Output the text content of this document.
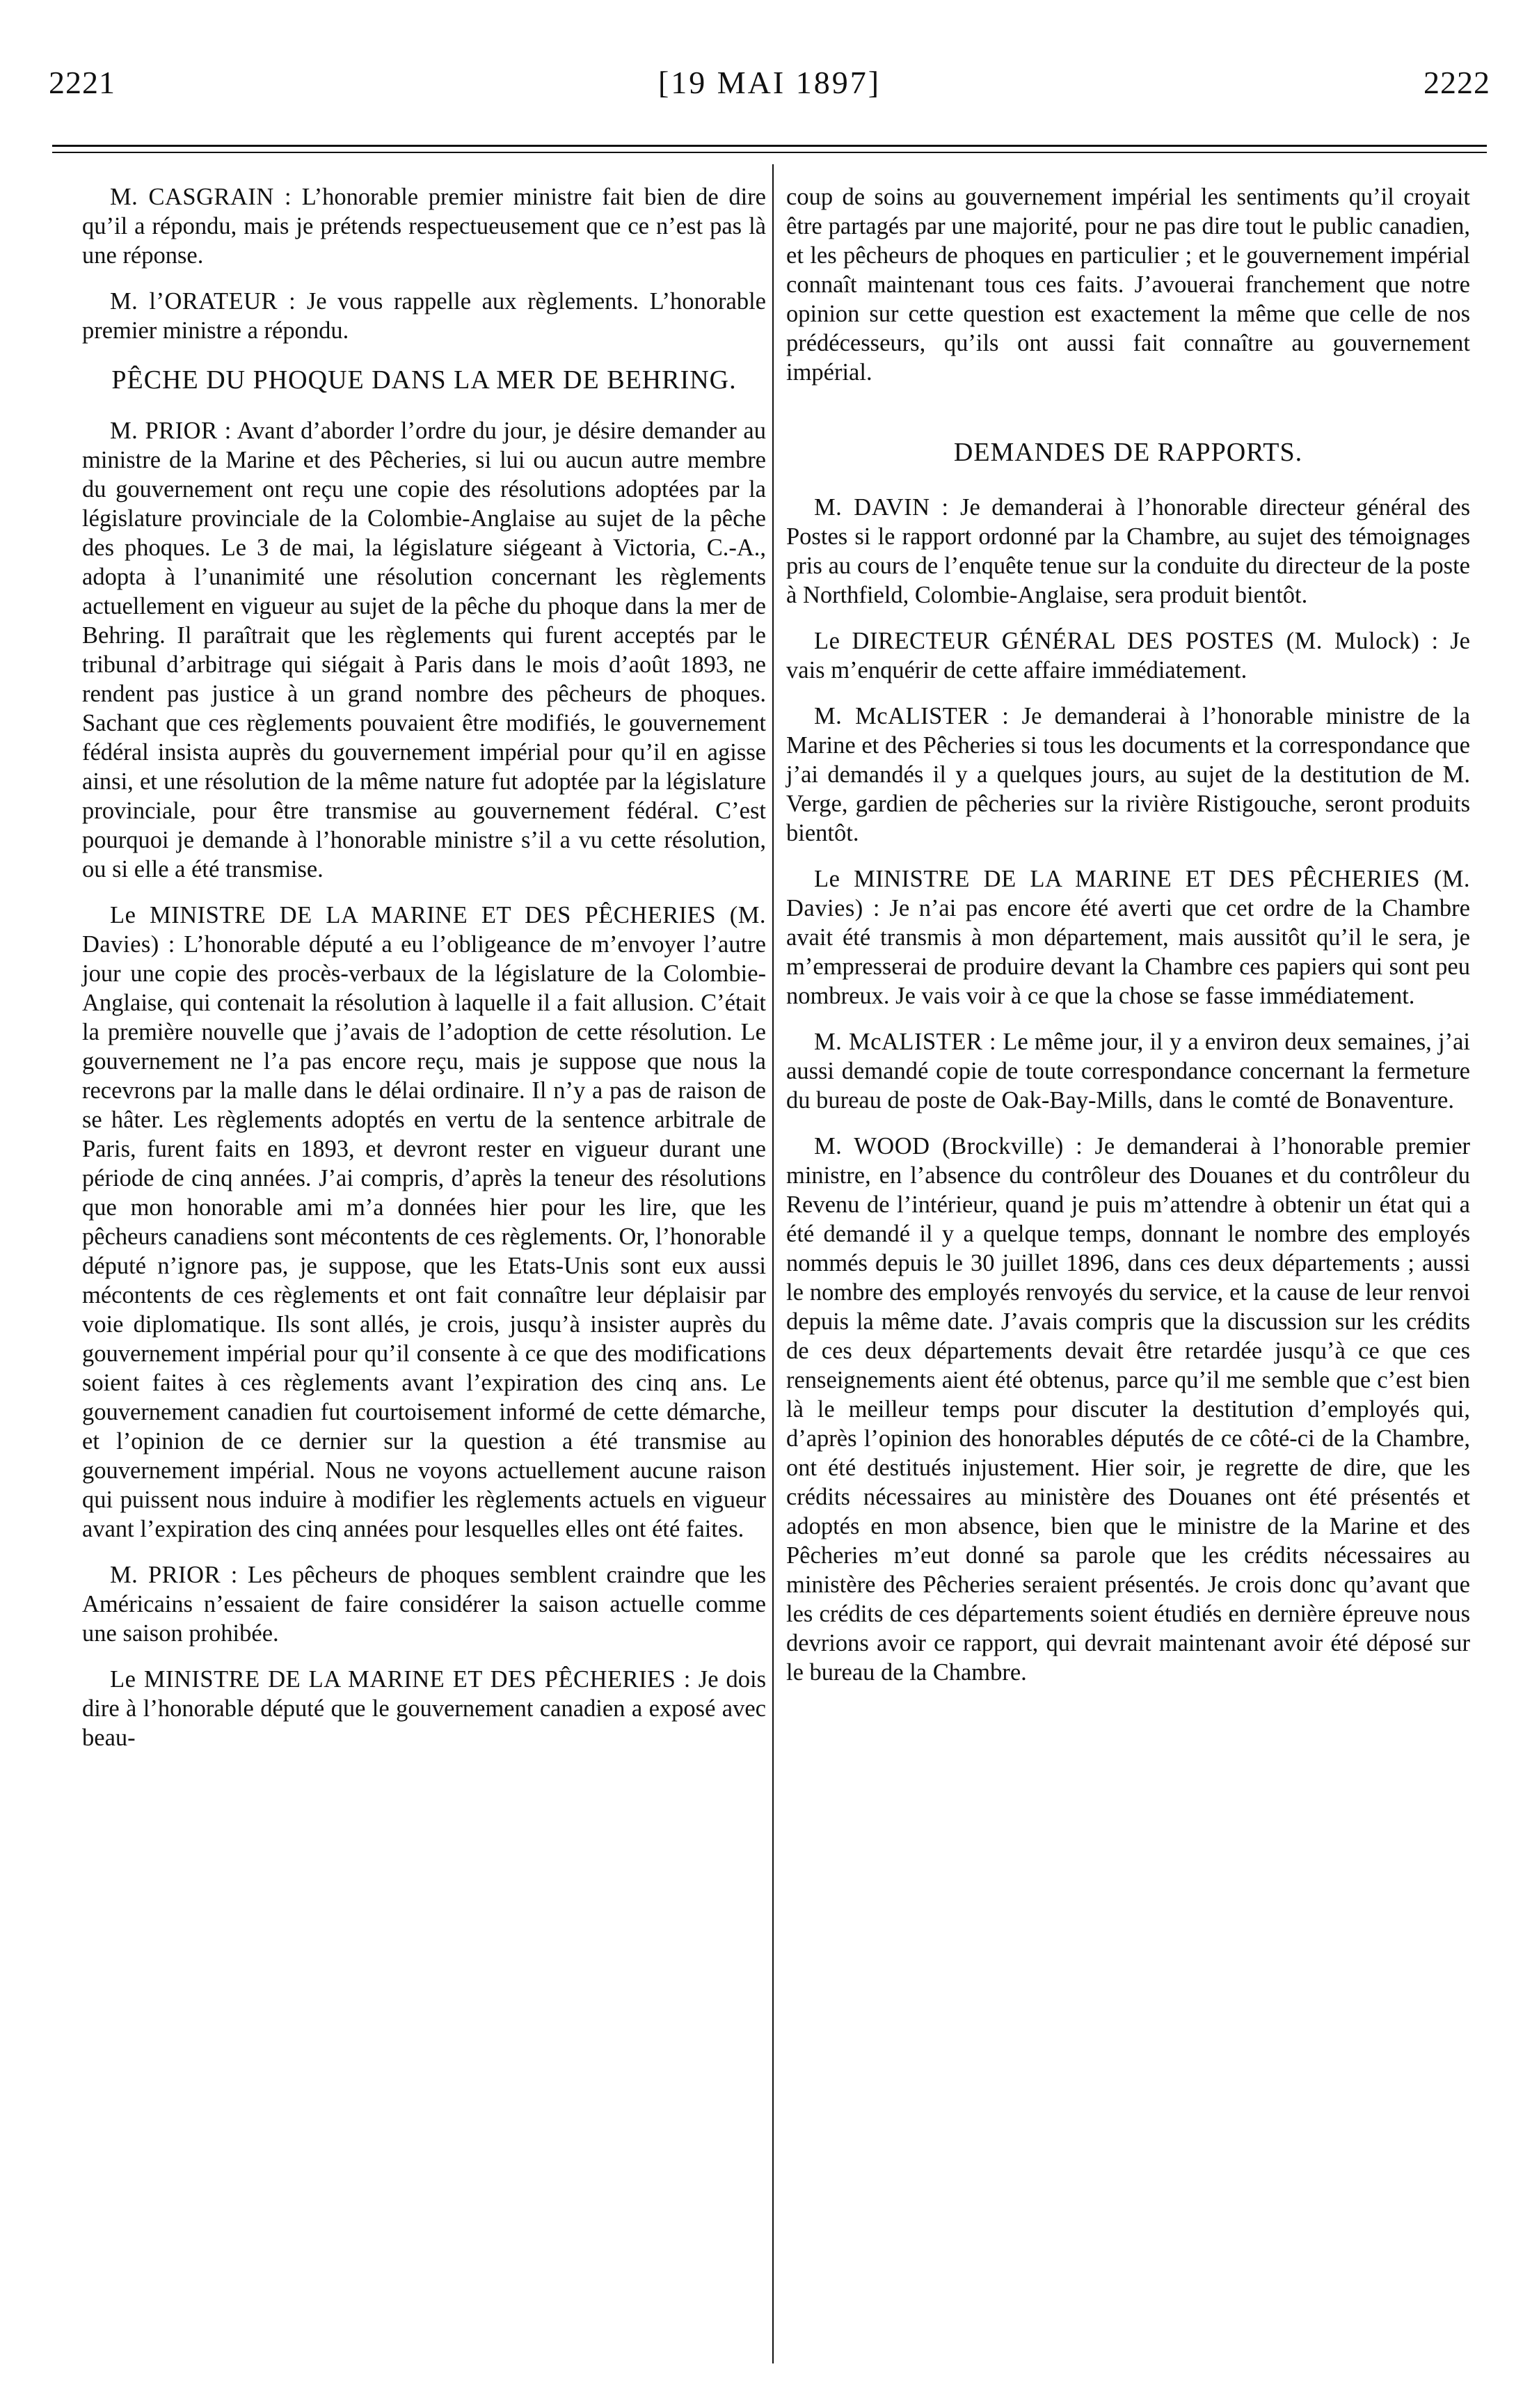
2221	[19 MAI 1897]	2222

M. CASGRAIN : L’honorable premier ministre fait bien de dire qu’il a répondu, mais je prétends respectueusement que ce n’est pas là une réponse.

M. l’ORATEUR : Je vous rappelle aux règlements. L’honorable premier ministre a répondu.

PÊCHE DU PHOQUE DANS LA MER DE BEHRING.

M. PRIOR : Avant d’aborder l’ordre du jour, je désire demander au ministre de la Marine et des Pêcheries, si lui ou aucun autre membre du gouvernement ont reçu une copie des résolutions adoptées par la législature provinciale de la Colombie-Anglaise au sujet de la pêche des phoques. Le 3 de mai, la législature siégeant à Victoria, C.-A., adopta à l’unanimité une résolution concernant les règlements actuellement en vigueur au sujet de la pêche du phoque dans la mer de Behring. Il paraîtrait que les règlements qui furent acceptés par le tribunal d’arbitrage qui siégait à Paris dans le mois d’août 1893, ne rendent pas justice à un grand nombre des pêcheurs de phoques. Sachant que ces règlements pouvaient être modifiés, le gouvernement fédéral insista auprès du gouvernement impérial pour qu’il en agisse ainsi, et une résolution de la même nature fut adoptée par la législature provinciale, pour être transmise au gouvernement fédéral. C’est pourquoi je demande à l’honorable ministre s’il a vu cette résolution, ou si elle a été transmise.

Le MINISTRE DE LA MARINE ET DES PÊCHERIES (M. Davies) : L’honorable député a eu l’obligeance de m’envoyer l’autre jour une copie des procès-verbaux de la législature de la Colombie-Anglaise, qui contenait la résolution à laquelle il a fait allusion. C’était la première nouvelle que j’avais de l’adoption de cette résolution. Le gouvernement ne l’a pas encore reçu, mais je suppose que nous la recevrons par la malle dans le délai ordinaire. Il n’y a pas de raison de se hâter. Les règlements adoptés en vertu de la sentence arbitrale de Paris, furent faits en 1893, et devront rester en vigueur durant une période de cinq années. J’ai compris, d’après la teneur des résolutions que mon honorable ami m’a données hier pour les lire, que les pêcheurs canadiens sont mécontents de ces règlements. Or, l’honorable député n’ignore pas, je suppose, que les Etats-Unis sont eux aussi mécontents de ces règlements et ont fait connaître leur déplaisir par voie diplomatique. Ils sont allés, je crois, jusqu’à insister auprès du gouvernement impérial pour qu’il consente à ce que des modifications soient faites à ces règlements avant l’expiration des cinq ans. Le gouvernement canadien fut courtoisement informé de cette démarche, et l’opinion de ce dernier sur la question a été transmise au gouvernement impérial. Nous ne voyons actuellement aucune raison qui puissent nous induire à modifier les règlements actuels en vigueur avant l’expiration des cinq années pour lesquelles elles ont été faites.

M. PRIOR : Les pêcheurs de phoques semblent craindre que les Américains n’essaient de faire considérer la saison actuelle comme une saison prohibée.

Le MINISTRE DE LA MARINE ET DES PÊCHERIES : Je dois dire à l’honorable député que le gouvernement canadien a exposé avec beau-

coup de soins au gouvernement impérial les sentiments qu’il croyait être partagés par une majorité, pour ne pas dire tout le public canadien, et les pêcheurs de phoques en particulier ; et le gouvernement impérial connaît maintenant tous ces faits. J’avouerai franchement que notre opinion sur cette question est exactement la même que celle de nos prédécesseurs, qu’ils ont aussi fait connaître au gouvernement impérial.

DEMANDES DE RAPPORTS.

M. DAVIN : Je demanderai à l’honorable directeur général des Postes si le rapport ordonné par la Chambre, au sujet des témoignages pris au cours de l’enquête tenue sur la conduite du directeur de la poste à Northfield, Colombie-Anglaise, sera produit bientôt.

Le DIRECTEUR GÉNÉRAL DES POSTES (M. Mulock) : Je vais m’enquérir de cette affaire immédiatement.

M. McALISTER : Je demanderai à l’honorable ministre de la Marine et des Pêcheries si tous les documents et la correspondance que j’ai demandés il y a quelques jours, au sujet de la destitution de M. Verge, gardien de pêcheries sur la rivière Ristigouche, seront produits bientôt.

Le MINISTRE DE LA MARINE ET DES PÊCHERIES (M. Davies) : Je n’ai pas encore été averti que cet ordre de la Chambre avait été transmis à mon département, mais aussitôt qu’il le sera, je m’empresserai de produire devant la Chambre ces papiers qui sont peu nombreux. Je vais voir à ce que la chose se fasse immédiatement.

M. McALISTER : Le même jour, il y a environ deux semaines, j’ai aussi demandé copie de toute correspondance concernant la fermeture du bureau de poste de Oak-Bay-Mills, dans le comté de Bonaventure.

M. WOOD (Brockville) : Je demanderai à l’honorable premier ministre, en l’absence du contrôleur des Douanes et du contrôleur du Revenu de l’intérieur, quand je puis m’attendre à obtenir un état qui a été demandé il y a quelque temps, donnant le nombre des employés nommés depuis le 30 juillet 1896, dans ces deux départements ; aussi le nombre des employés renvoyés du service, et la cause de leur renvoi depuis la même date. J’avais compris que la discussion sur les crédits de ces deux départements devait être retardée jusqu’à ce que ces renseignements aient été obtenus, parce qu’il me semble que c’est bien là le meilleur temps pour discuter la destitution d’employés qui, d’après l’opinion des honorables députés de ce côté-ci de la Chambre, ont été destitués injustement. Hier soir, je regrette de dire, que les crédits nécessaires au ministère des Douanes ont été présentés et adoptés en mon absence, bien que le ministre de la Marine et des Pêcheries m’eut donné sa parole que les crédits nécessaires au ministère des Pêcheries seraient présentés. Je crois donc qu’avant que les crédits de ces départements soient étudiés en dernière épreuve nous devrions avoir ce rapport, qui devrait maintenant avoir été déposé sur le bureau de la Chambre.
